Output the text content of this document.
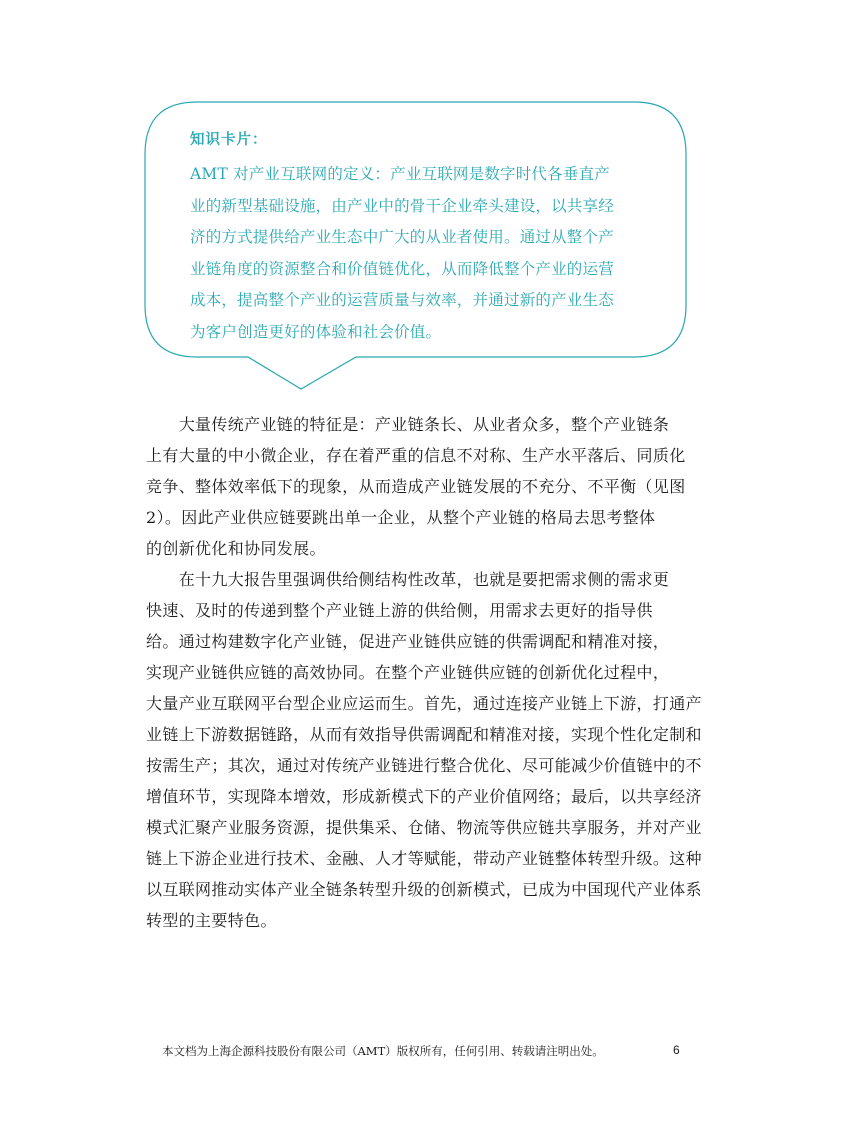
知识卡片：
AMT 对产业互联网的定义：产业互联网是数字时代各垂直产
业的新型基础设施，由产业中的骨干企业牵头建设，以共享经
济的方式提供给产业生态中广大的从业者使用。通过从整个产
业链角度的资源整合和价值链优化，从而降低整个产业的运营
成本，提高整个产业的运营质量与效率，并通过新的产业生态
为客户创造更好的体验和社会价值。
　　大量传统产业链的特征是：产业链条长、从业者众多，整个产业链条
上有大量的中小微企业，存在着严重的信息不对称、生产水平落后、同质化
竞争、整体效率低下的现象，从而造成产业链发展的不充分、不平衡（见图
2）。因此产业供应链要跳出单一企业，从整个产业链的格局去思考整体
的创新优化和协同发展。
　　在十九大报告里强调供给侧结构性改革，也就是要把需求侧的需求更
快速、及时的传递到整个产业链上游的供给侧，用需求去更好的指导供
给。通过构建数字化产业链，促进产业链供应链的供需调配和精准对接，
实现产业链供应链的高效协同。在整个产业链供应链的创新优化过程中，
大量产业互联网平台型企业应运而生。首先，通过连接产业链上下游，打通产
业链上下游数据链路，从而有效指导供需调配和精准对接，实现个性化定制和
按需生产；其次，通过对传统产业链进行整合优化、尽可能减少价值链中的不
增值环节，实现降本增效，形成新模式下的产业价值网络；最后，以共享经济
模式汇聚产业服务资源，提供集采、仓储、物流等供应链共享服务，并对产业
链上下游企业进行技术、金融、人才等赋能，带动产业链整体转型升级。这种
以互联网推动实体产业全链条转型升级的创新模式，已成为中国现代产业体系
转型的主要特色。
本文档为上海企源科技股份有限公司（AMT）版权所有，任何引用、转载请注明出处。	6
